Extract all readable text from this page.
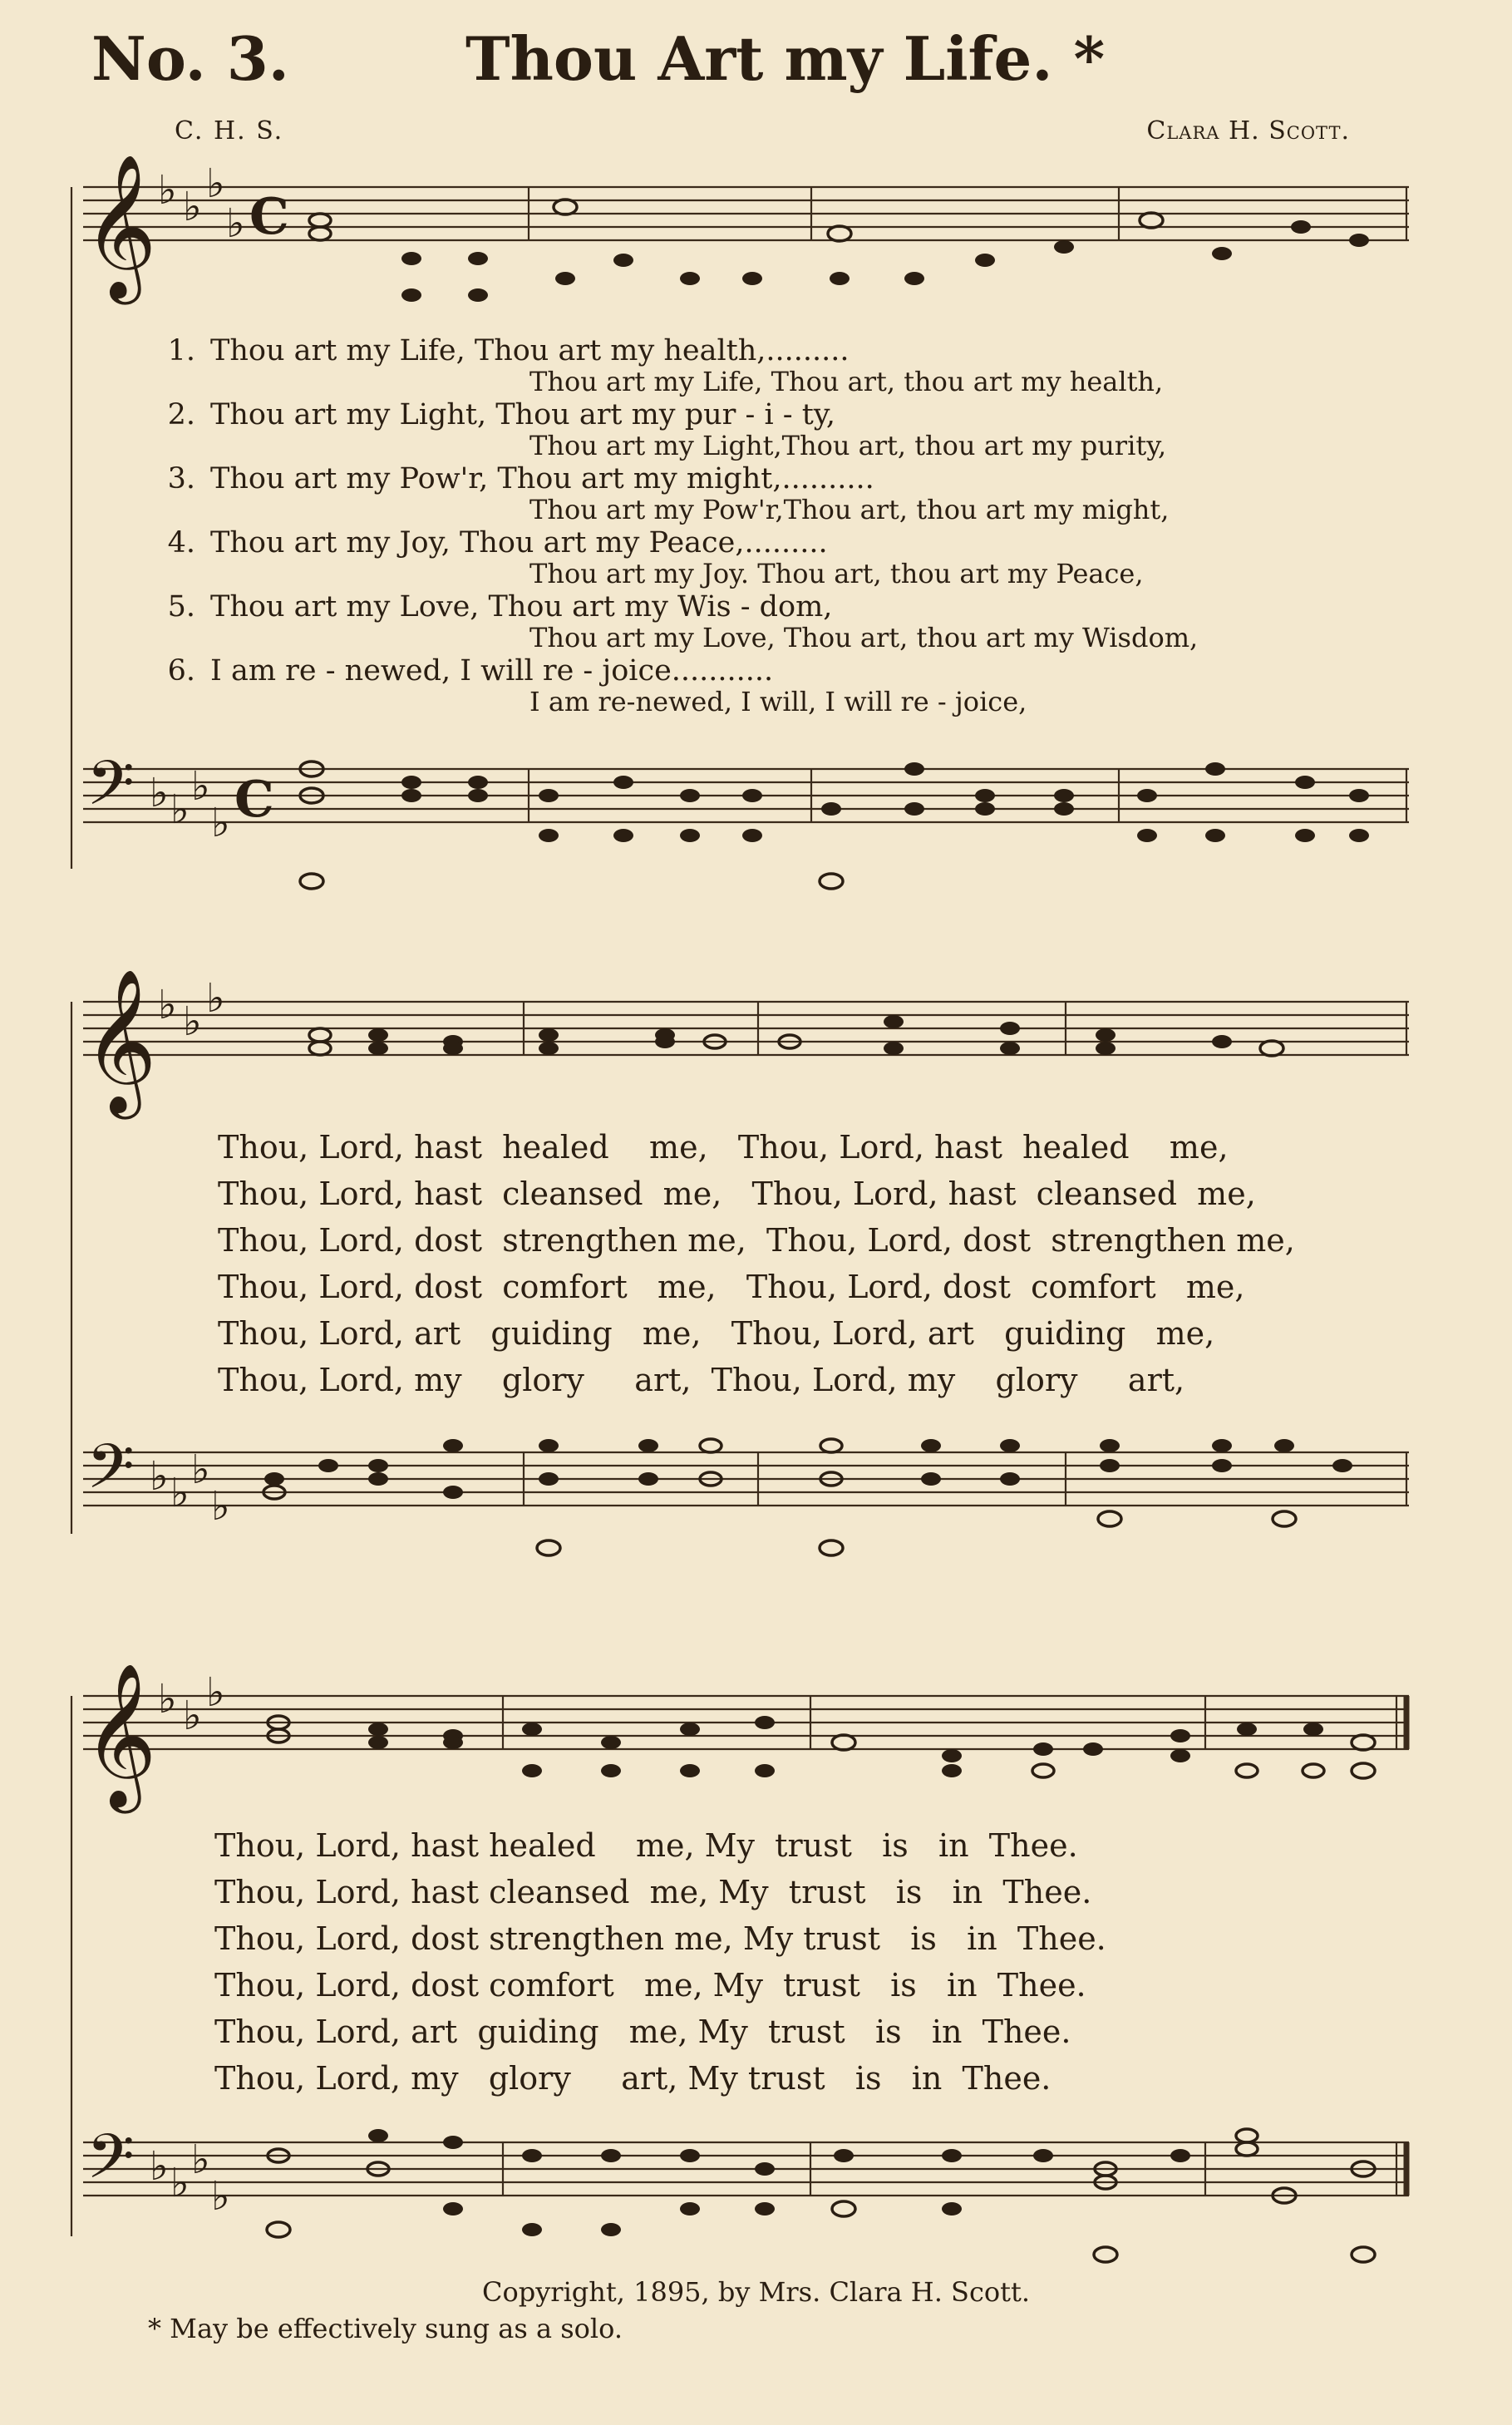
No. 3.	Thou Art my Life. *
C. H. S.	Clara H. Scott.
𝄞 ♭ ♭ ♭
♭ C
1. Thou art my Life, Thou art my health,.........
Thou art my Life, Thou art, thou art my health,
2. Thou art my Light, Thou art my pur - i - ty,
Thou art my Light,Thou art, thou art my purity,
3. Thou art my Pow'r, Thou art my might,..........
Thou art my Pow'r,Thou art, thou art my might,
4. Thou art my Joy, Thou art my Peace,.........
Thou art my Joy. Thou art, thou art my Peace,
5. Thou art my Love, Thou art my Wis - dom,
Thou art my Love, Thou art, thou art my Wisdom,
6. I am re - newed, I will re - joice...........
I am re-newed, I will, I will re - joice,
𝄢 ♭ ♭ ♭
♭ C
𝄞 ♭ ♭ ♭
Thou, Lord, hast  healed    me,   Thou, Lord, hast  healed    me,
Thou, Lord, hast  cleansed  me,   Thou, Lord, hast  cleansed  me,
Thou, Lord, dost  strengthen me,  Thou, Lord, dost  strengthen me,
Thou, Lord, dost  comfort   me,   Thou, Lord, dost  comfort   me,
Thou, Lord, art   guiding   me,   Thou, Lord, art   guiding   me,
Thou, Lord, my    glory     art,  Thou, Lord, my    glory     art,
𝄢 ♭ ♭ ♭
♭
𝄞 ♭ ♭ ♭
Thou, Lord, hast healed    me, My  trust   is   in  Thee.
Thou, Lord, hast cleansed  me, My  trust   is   in  Thee.
Thou, Lord, dost strengthen me, My trust   is   in  Thee.
Thou, Lord, dost comfort   me, My  trust   is   in  Thee.
Thou, Lord, art  guiding   me, My  trust   is   in  Thee.
Thou, Lord, my   glory     art, My trust   is   in  Thee.
𝄢 ♭ ♭ ♭
♭
Copyright, 1895, by Mrs. Clara H. Scott.
* May be effectively sung as a solo.
